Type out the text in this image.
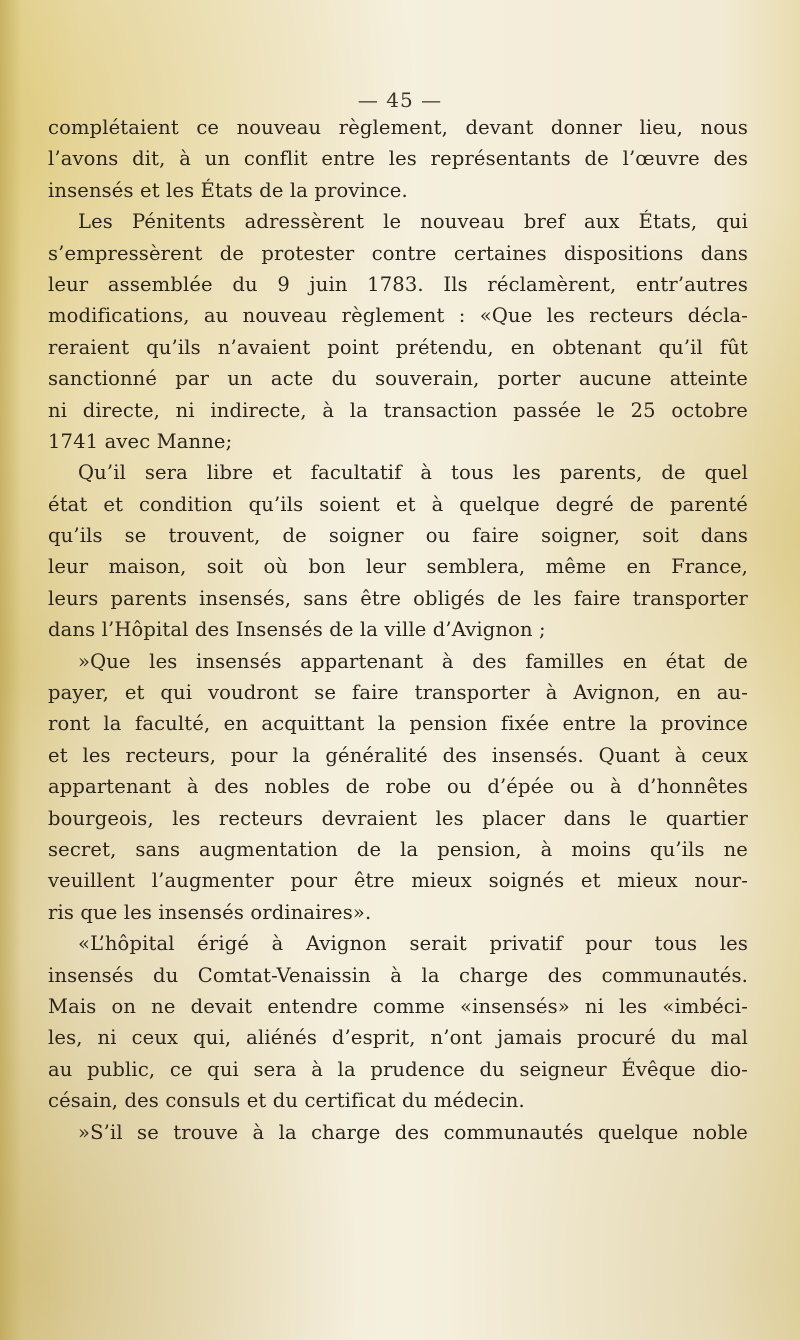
— 45 —
complétaient ce nouveau règlement, devant donner lieu, nous
l’avons dit, à un conflit entre les représentants de l’œuvre des
insensés et les États de la province.
Les Pénitents adressèrent le nouveau bref aux États, qui
s’empressèrent de protester contre certaines dispositions dans
leur assemblée du 9 juin 1783. Ils réclamèrent, entr’autres
modifications, au nouveau règlement : «Que les recteurs décla-
reraient qu’ils n’avaient point prétendu, en obtenant qu’il fût
sanctionné par un acte du souverain, porter aucune atteinte
ni directe, ni indirecte, à la transaction passée le 25 octobre
1741 avec Manne;
Qu’il sera libre et facultatif à tous les parents, de quel
état et condition qu’ils soient et à quelque degré de parenté
qu’ils se trouvent, de soigner ou faire soigner, soit dans
leur maison, soit où bon leur semblera, même en France,
leurs parents insensés, sans être obligés de les faire transporter
dans l’Hôpital des Insensés de la ville d’Avignon ;
»Que les insensés appartenant à des familles en état de
payer, et qui voudront se faire transporter à Avignon, en au-
ront la faculté, en acquittant la pension fixée entre la province
et les recteurs, pour la généralité des insensés. Quant à ceux
appartenant à des nobles de robe ou d’épée ou à d’honnêtes
bourgeois, les recteurs devraient les placer dans le quartier
secret, sans augmentation de la pension, à moins qu’ils ne
veuillent l’augmenter pour être mieux soignés et mieux nour-
ris que les insensés ordinaires».
«L’hôpital érigé à Avignon serait privatif pour tous les
insensés du Comtat-Venaissin à la charge des communautés.
Mais on ne devait entendre comme «insensés» ni les «imbéci-
les, ni ceux qui, aliénés d’esprit, n’ont jamais procuré du mal
au public, ce qui sera à la prudence du seigneur Évêque dio-
césain, des consuls et du certificat du médecin.
»S’il se trouve à la charge des communautés quelque noble
